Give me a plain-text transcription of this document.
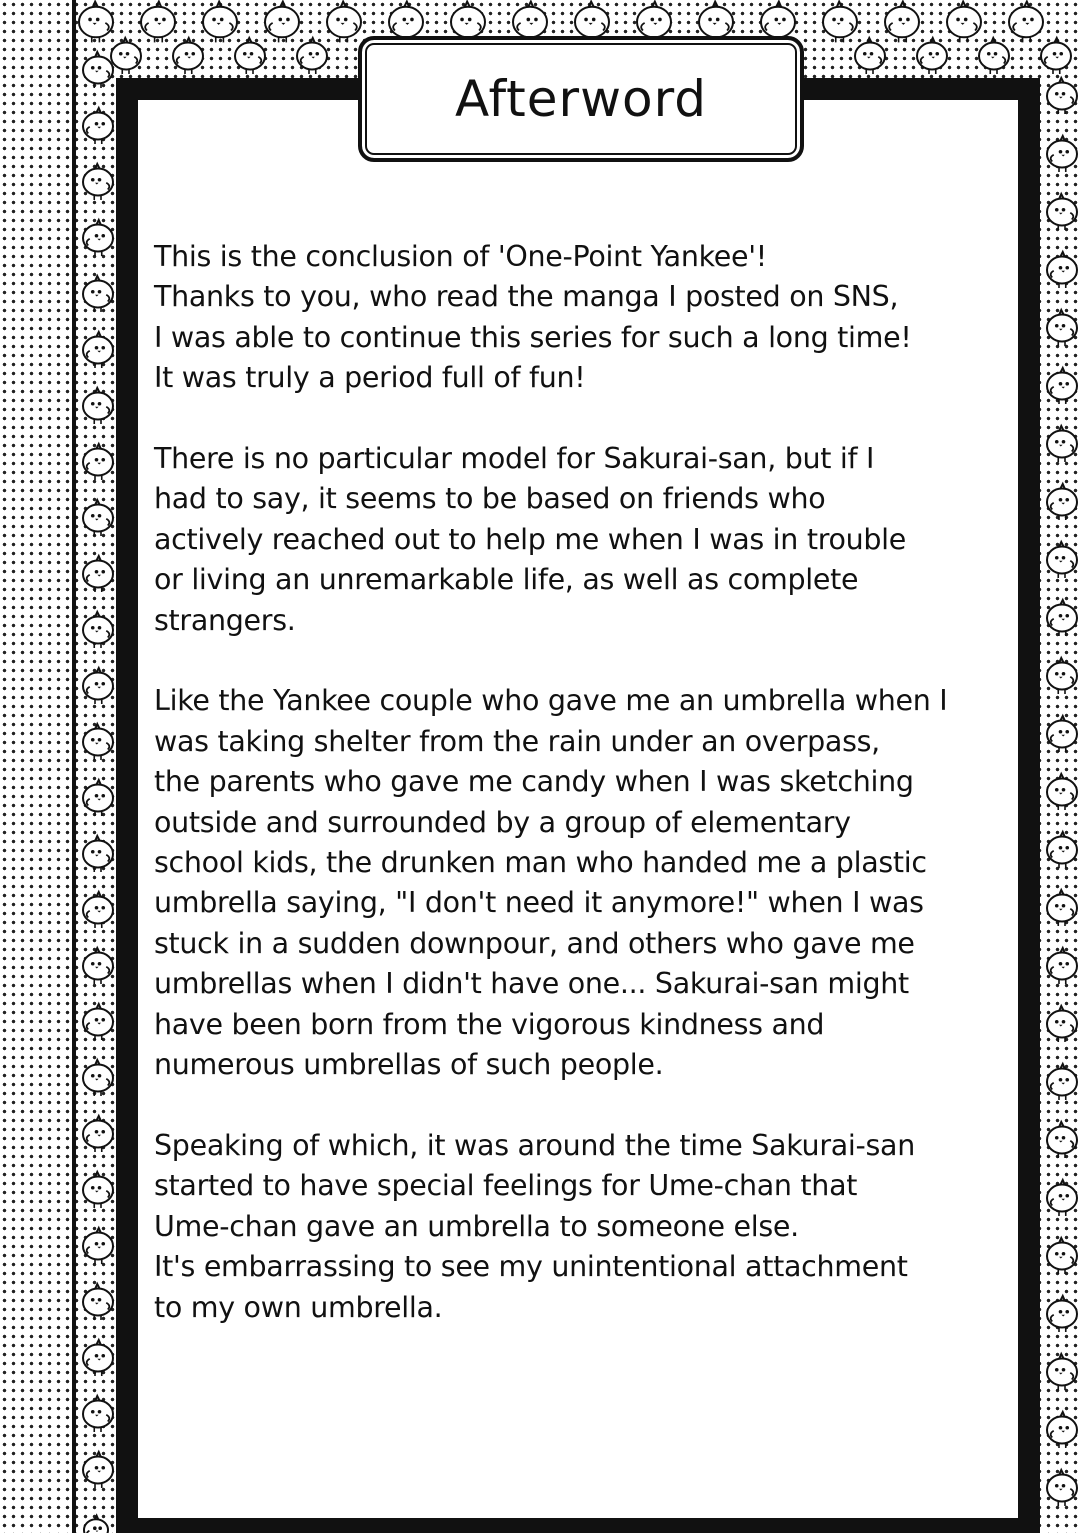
Afterword
This is the conclusion of 'One-Point Yankee'!
Thanks to you, who read the manga I posted on SNS,
I was able to continue this series for such a long time!
It was truly a period full of fun!
There is no particular model for Sakurai-san, but if I
had to say, it seems to be based on friends who
actively reached out to help me when I was in trouble
or living an unremarkable life, as well as complete
strangers.
Like the Yankee couple who gave me an umbrella when I
was taking shelter from the rain under an overpass,
the parents who gave me candy when I was sketching
outside and surrounded by a group of elementary
school kids, the drunken man who handed me a plastic
umbrella saying, "I don't need it anymore!" when I was
stuck in a sudden downpour, and others who gave me
umbrellas when I didn't have one... Sakurai-san might
have been born from the vigorous kindness and
numerous umbrellas of such people.
Speaking of which, it was around the time Sakurai-san
started to have special feelings for Ume-chan that
Ume-chan gave an umbrella to someone else.
It's embarrassing to see my unintentional attachment
to my own umbrella.
